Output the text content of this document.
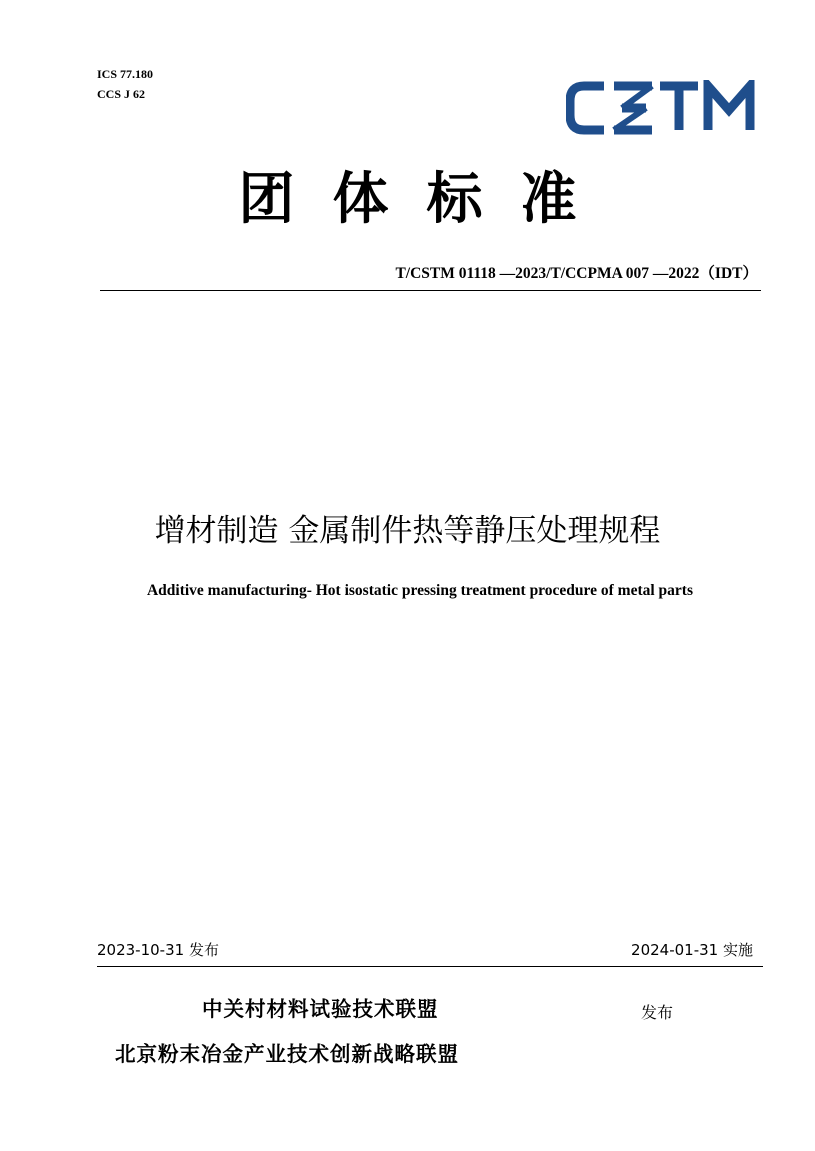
ICS 77.180
CCS J 62
团体标准
T/CSTM 01118 —2023/T/CCPMA 007 —2022（IDT）
增材制造 金属制件热等静压处理规程
Additive manufacturing- Hot isostatic pressing treatment procedure of metal parts
2023-10-31 发布	2024-01-31 实施
中关村材料试验技术联盟	发布
北京粉末冶金产业技术创新战略联盟
